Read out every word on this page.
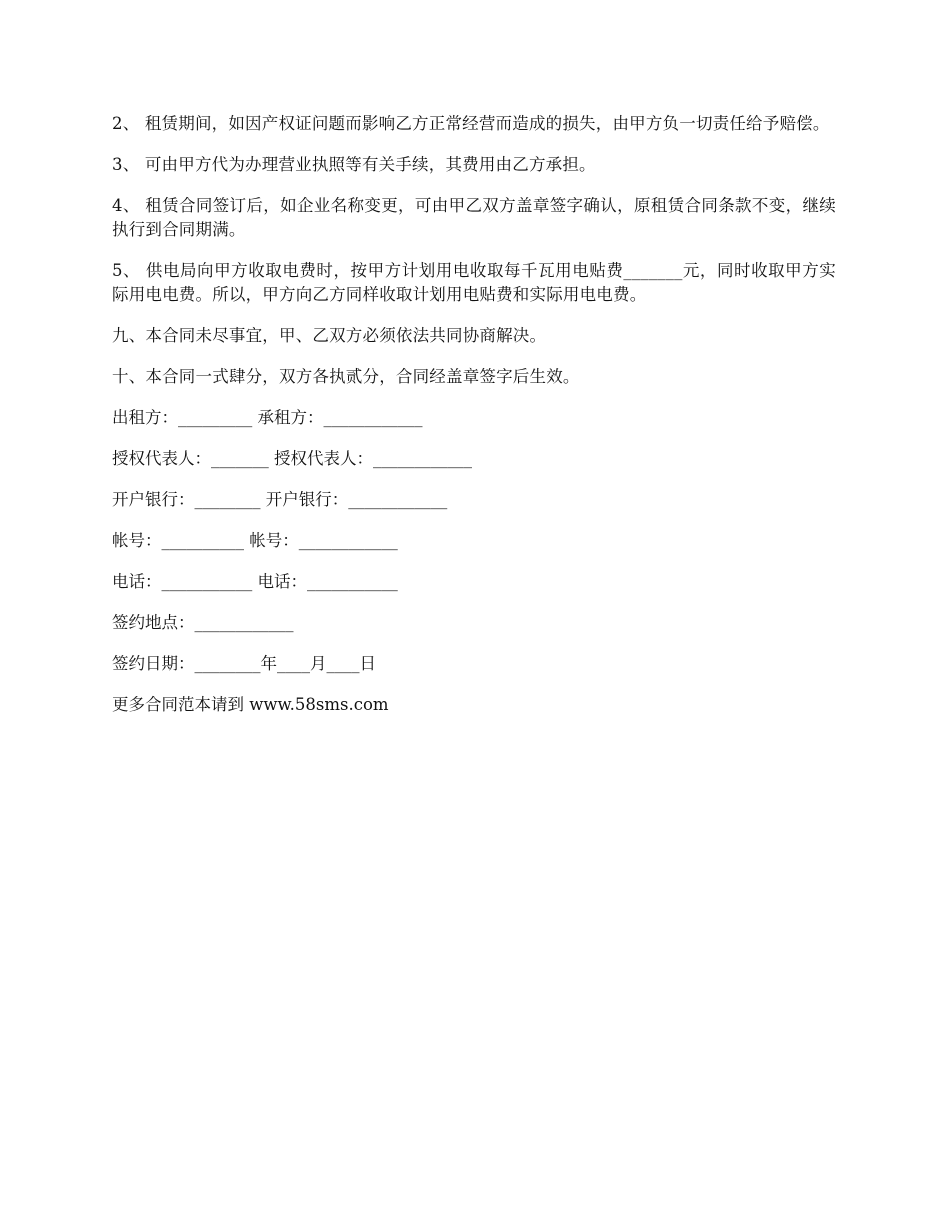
2、 租赁期间，如因产权证问题而影响乙方正常经营而造成的损失，由甲方负一切责任给予赔偿。

3、 可由甲方代为办理营业执照等有关手续，其费用由乙方承担。

4、 租赁合同签订后，如企业名称变更，可由甲乙双方盖章签字确认，原租赁合同条款不变，继续执行到合同期满。

5、 供电局向甲方收取电费时，按甲方计划用电收取每千瓦用电贴费_______元，同时收取甲方实际用电电费。所以，甲方向乙方同样收取计划用电贴费和实际用电电费。

九、本合同未尽事宜，甲、乙双方必须依法共同协商解决。

十、本合同一式肆分，双方各执贰分，合同经盖章签字后生效。

出租方：_________ 承租方：____________
授权代表人：_______ 授权代表人：____________
开户银行：________ 开户银行：____________
帐号：__________ 帐号：____________
电话：___________ 电话：___________
签约地点：____________
签约日期：________年____月____日
更多合同范本请到 www.58sms.com
